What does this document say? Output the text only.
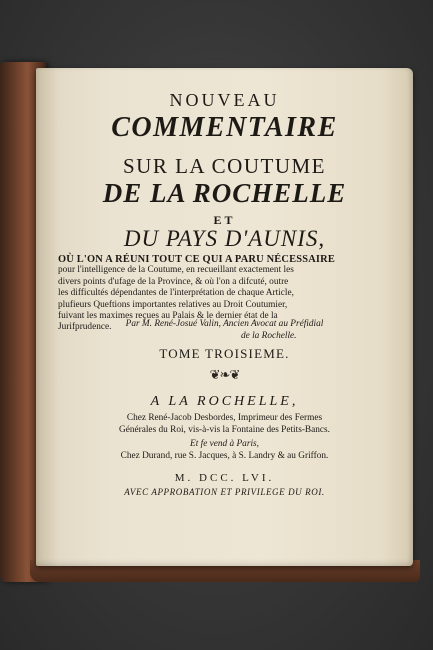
NOUVEAU
COMMENTAIRE
SUR LA COUTUME
DE LA ROCHELLE
ET
DU PAYS D'AUNIS,
OÙ L'ON A RÉUNI TOUT CE QUI A PARU NÉCESSAIRE
pour l'intelligence de la Coutume, en recueillant exactement les
divers points d'ufage de la Province, & où l'on a difcuté, outre
les difficultés dépendantes de l'interprétation de chaque Article,
plufieurs Queftions importantes relatives au Droit Coutumier,
fuivant les maximes reçues au Palais & le dernier état de la
Jurifprudence.	Par M. René-Josué Valin, Ancien Avocat au Préfidial
de la Rochelle.
TOME TROISIEME.
❦❧❦
A LA ROCHELLE,
Chez René-Jacob Desbordes, Imprimeur des Fermes
Générales du Roi, vis-à-vis la Fontaine des Petits-Bancs.
Et fe vend à Paris,
Chez Durand, rue S. Jacques, à S. Landry & au Griffon.
M. DCC. LVI.
AVEC APPROBATION ET PRIVILEGE DU ROI.
